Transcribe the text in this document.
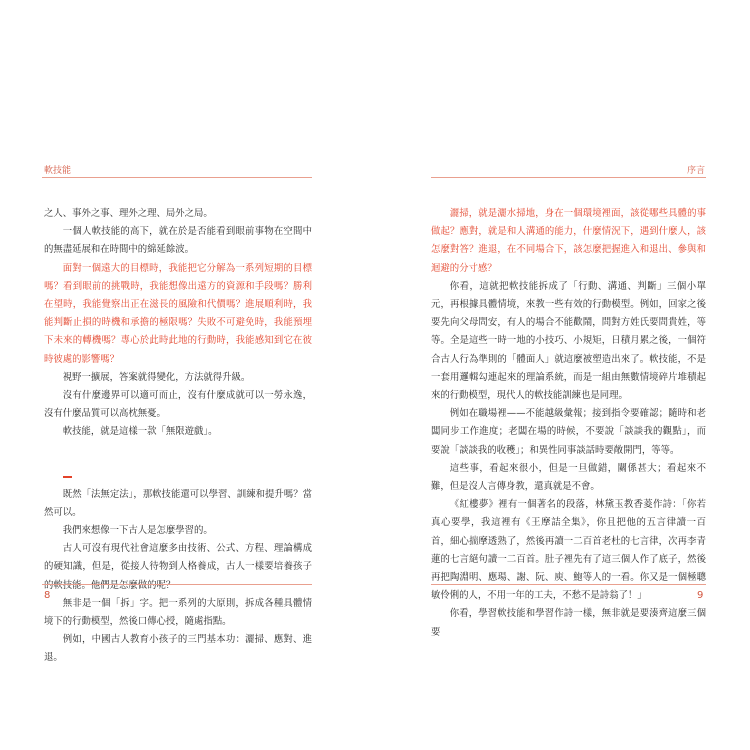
軟技能

之人、事外之事、理外之理、局外之局。

一個人軟技能的高下，就在於是否能看到眼前事物在空間中的無盡延展和在時間中的綿延餘波。

面對一個遠大的目標時，我能把它分解為一系列短期的目標嗎？看到眼前的挑戰時，我能想像出遠方的資源和手段嗎？勝利在望時，我能覺察出正在滋長的風險和代價嗎？進展順利時，我能判斷止損的時機和承擔的極限嗎？失敗不可避免時，我能預埋下未來的轉機嗎？專心於此時此地的行動時，我能感知到它在彼時彼處的影響嗎？

視野一擴展，答案就得變化，方法就得升級。

沒有什麼邊界可以適可而止，沒有什麼成就可以一勞永逸，沒有什麼品質可以高枕無憂。

軟技能，就是這樣一款「無限遊戲」。

既然「法無定法」，那軟技能還可以學習、訓練和提升嗎？當然可以。

我們來想像一下古人是怎麼學習的。

古人可沒有現代社會這麼多由技術、公式、方程、理論構成的硬知識，但是，從接人待物到人格養成，古人一樣要培養孩子的軟技能。他們是怎麼做的呢？

無非是一個「拆」字。把一系列的大原則，拆成各種具體情境下的行動模型，然後口傳心授，隨處指點。

例如，中國古人教育小孩子的三門基本功：灑掃、應對、進退。

8
序言

灑掃，就是灑水掃地，身在一個環境裡面，該從哪些具體的事做起？應對，就是和人溝通的能力，什麼情況下，遇到什麼人，該怎麼對答？進退，在不同場合下，該怎麼把握進入和退出、參與和迴避的分寸感？

你看，這就把軟技能拆成了「行動、溝通、判斷」三個小單元，再根據具體情境，來教一些有效的行動模型。例如，回家之後要先向父母問安，有人的場合不能歡鬧，問對方姓氏要問貴姓，等等。全是這些一時一地的小技巧、小規矩，日積月累之後，一個符合古人行為準則的「體面人」就這麼被塑造出來了。軟技能，不是一套用邏輯勾連起來的理論系統，而是一組由無數情境碎片堆積起來的行動模型，現代人的軟技能訓練也是同理。

例如在職場裡——不能越級彙報；接到指令要確認；隨時和老闆同步工作進度；老闆在場的時候，不要說「談談我的觀點」，而要說「談談我的收穫」；和異性同事談話時要敞開門，等等。

這些事，看起來很小，但是一旦做錯，關係甚大；看起來不難，但是沒人言傳身教，還真就是不會。

《紅樓夢》裡有一個著名的段落，林黛玉教香菱作詩：「你若真心要學，我這裡有《王摩詰全集》，你且把他的五言律讀一百首，細心揣摩透熟了，然後再讀一二百首老杜的七言律，次再李青蓮的七言絕句讀一二百首。肚子裡先有了這三個人作了底子，然後再把陶淵明、應瑒、謝、阮、庾、鮑等人的一看。你又是一個極聰敏伶俐的人，不用一年的工夫，不愁不是詩翁了！」

你看，學習軟技能和學習作詩一樣，無非就是要湊齊這麼三個要

9
